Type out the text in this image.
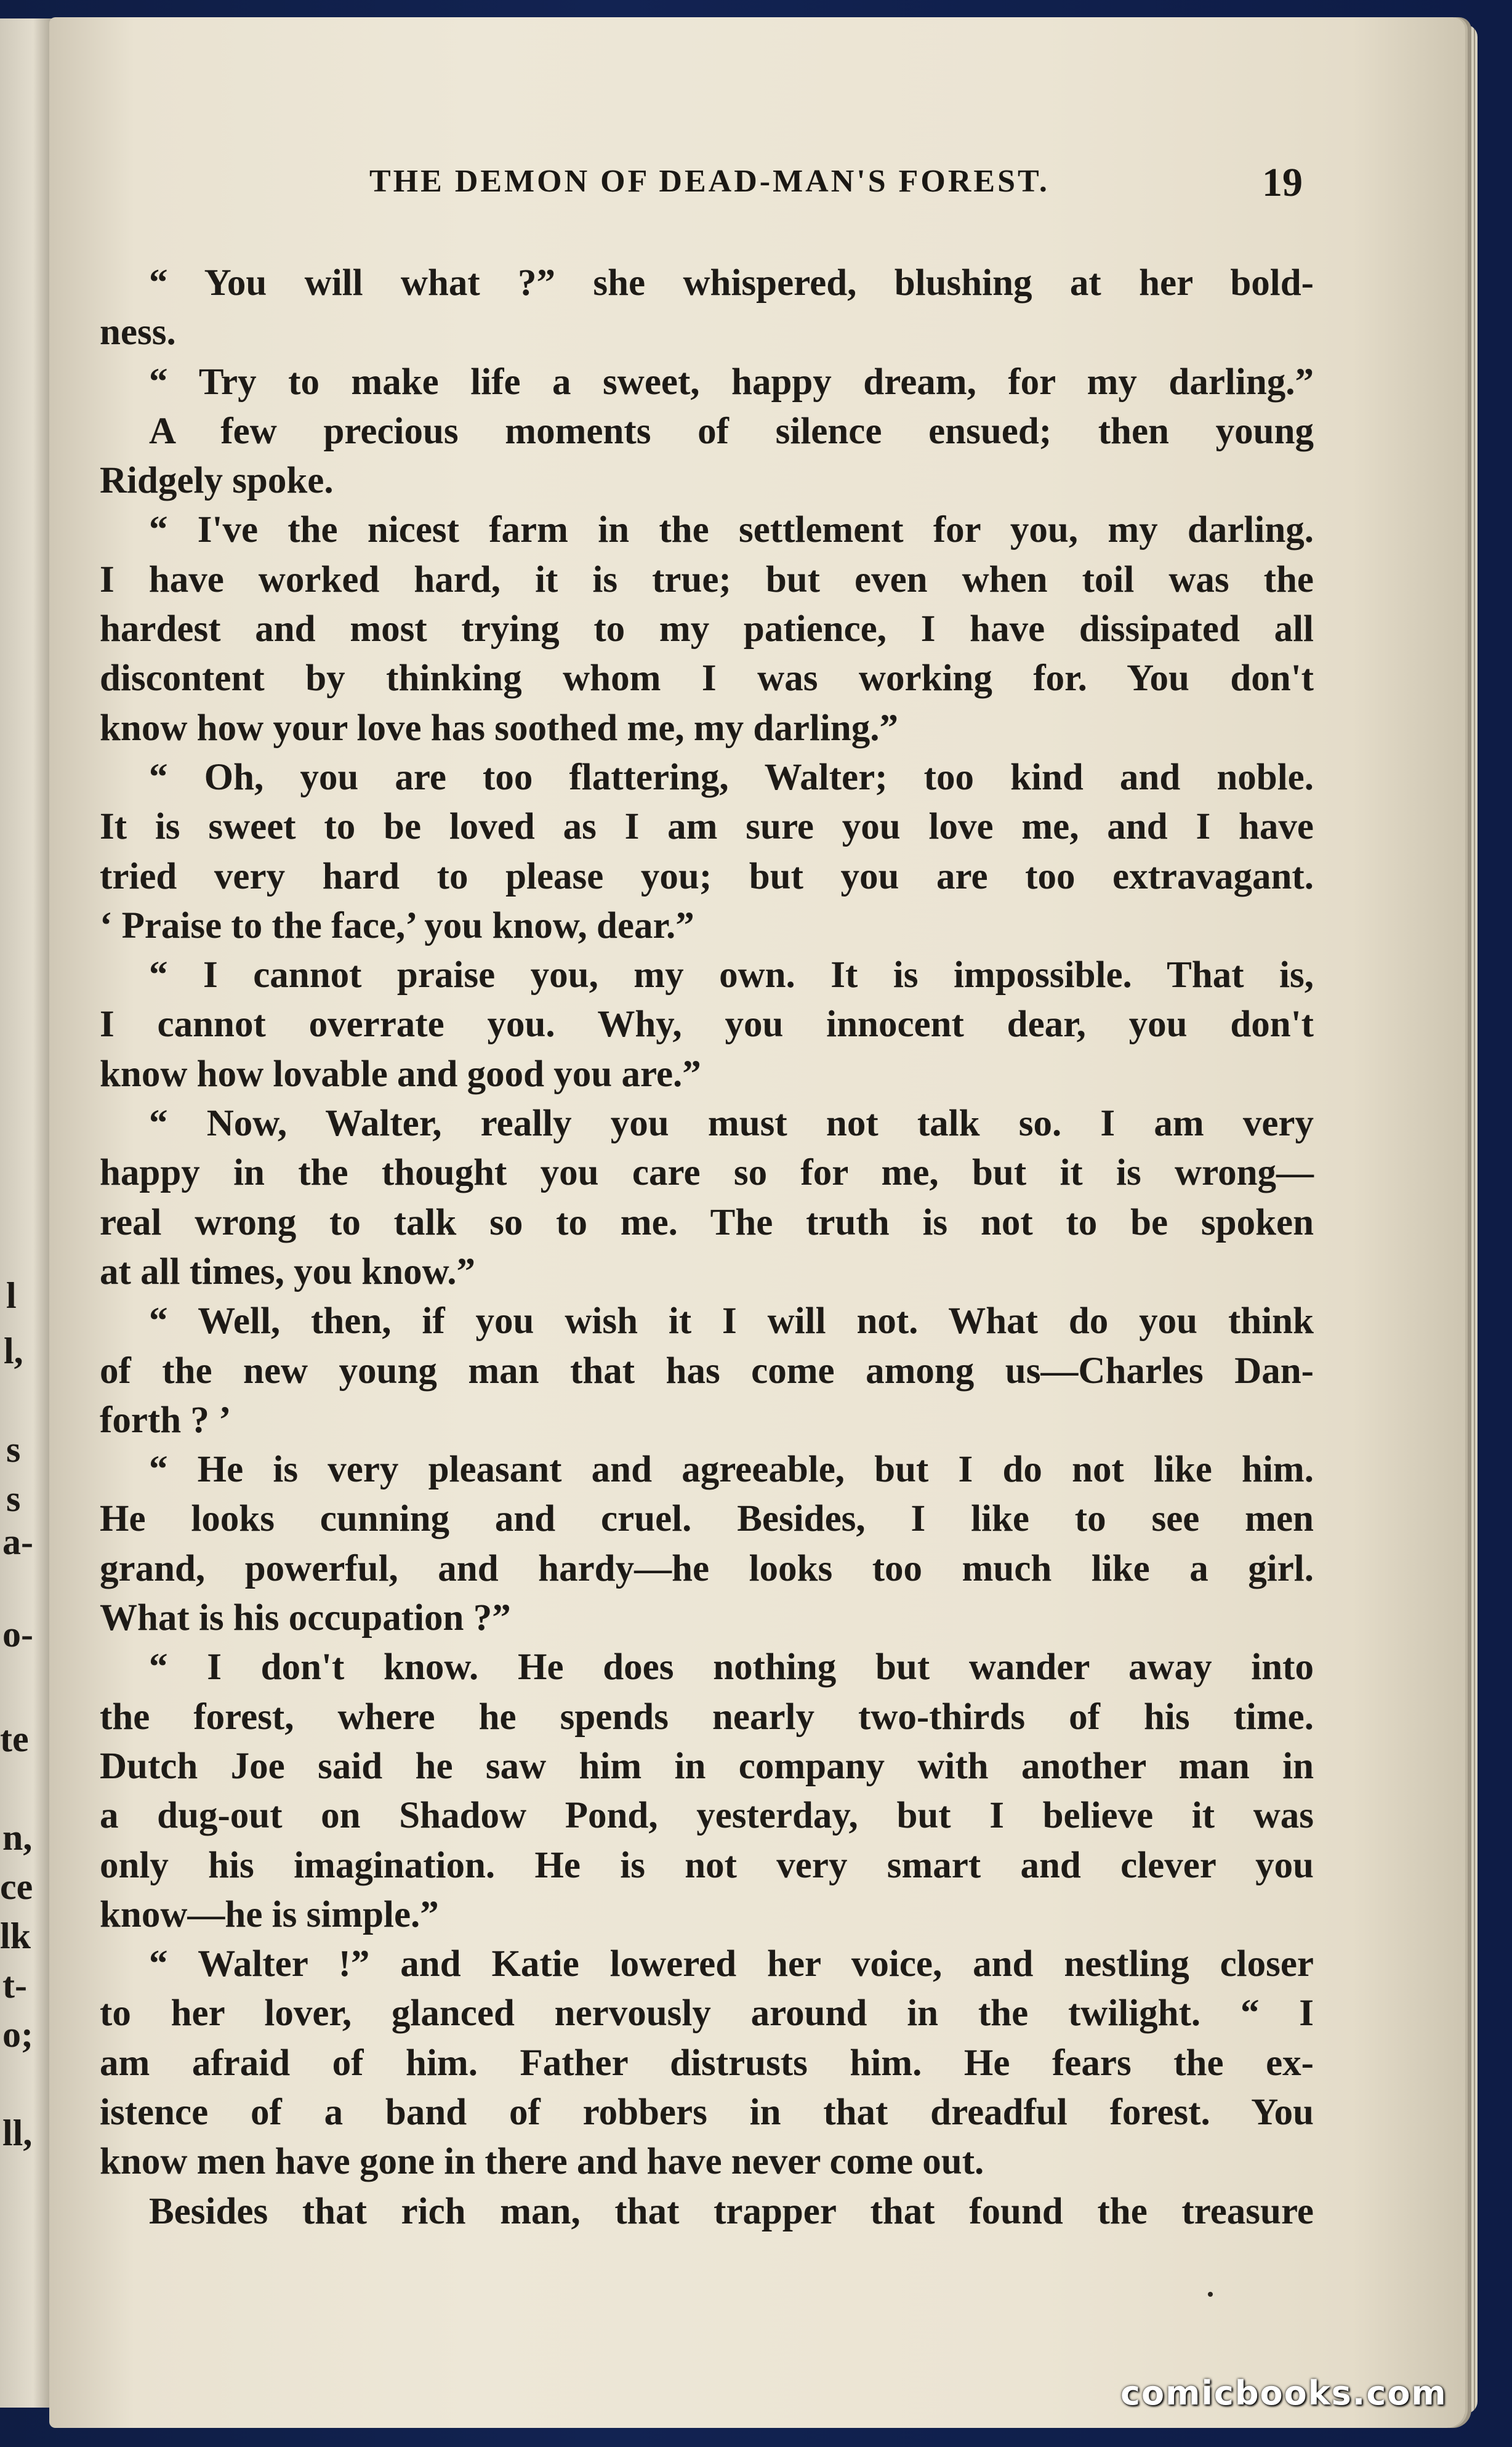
l
l,
s
s
a-
o-
te
n,
ce
lk
t-
o;
ll,
THE DEMON OF DEAD-MAN'S FOREST.	19
“ You will what ?” she whispered, blushing at her bold-
ness.
“ Try to make life a sweet, happy dream, for my darling.”
A few precious moments of silence ensued; then young
Ridgely spoke.
“ I've the nicest farm in the settlement for you, my darling.
I have worked hard, it is true; but even when toil was the
hardest and most trying to my patience, I have dissipated all
discontent by thinking whom I was working for. You don't
know how your love has soothed me, my darling.”
“ Oh, you are too flattering, Walter; too kind and noble.
It is sweet to be loved as I am sure you love me, and I have
tried very hard to please you; but you are too extravagant.
‘ Praise to the face,’ you know, dear.”
“ I cannot praise you, my own. It is impossible. That is,
I cannot overrate you. Why, you innocent dear, you don't
know how lovable and good you are.”
“ Now, Walter, really you must not talk so. I am very
happy in the thought you care so for me, but it is wrong—
real wrong to talk so to me. The truth is not to be spoken
at all times, you know.”
“ Well, then, if you wish it I will not. What do you think
of the new young man that has come among us—Charles Dan-
forth ? ’
“ He is very pleasant and agreeable, but I do not like him.
He looks cunning and cruel. Besides, I like to see men
grand, powerful, and hardy—he looks too much like a girl.
What is his occupation ?”
“ I don't know. He does nothing but wander away into
the forest, where he spends nearly two-thirds of his time.
Dutch Joe said he saw him in company with another man in
a dug-out on Shadow Pond, yesterday, but I believe it was
only his imagination. He is not very smart and clever you
know—he is simple.”
“ Walter !” and Katie lowered her voice, and nestling closer
to her lover, glanced nervously around in the twilight. “ I
am afraid of him. Father distrusts him. He fears the ex-
istence of a band of robbers in that dreadful forest. You
know men have gone in there and have never come out.
Besides that rich man, that trapper that found the treasure
comicbooks.com
